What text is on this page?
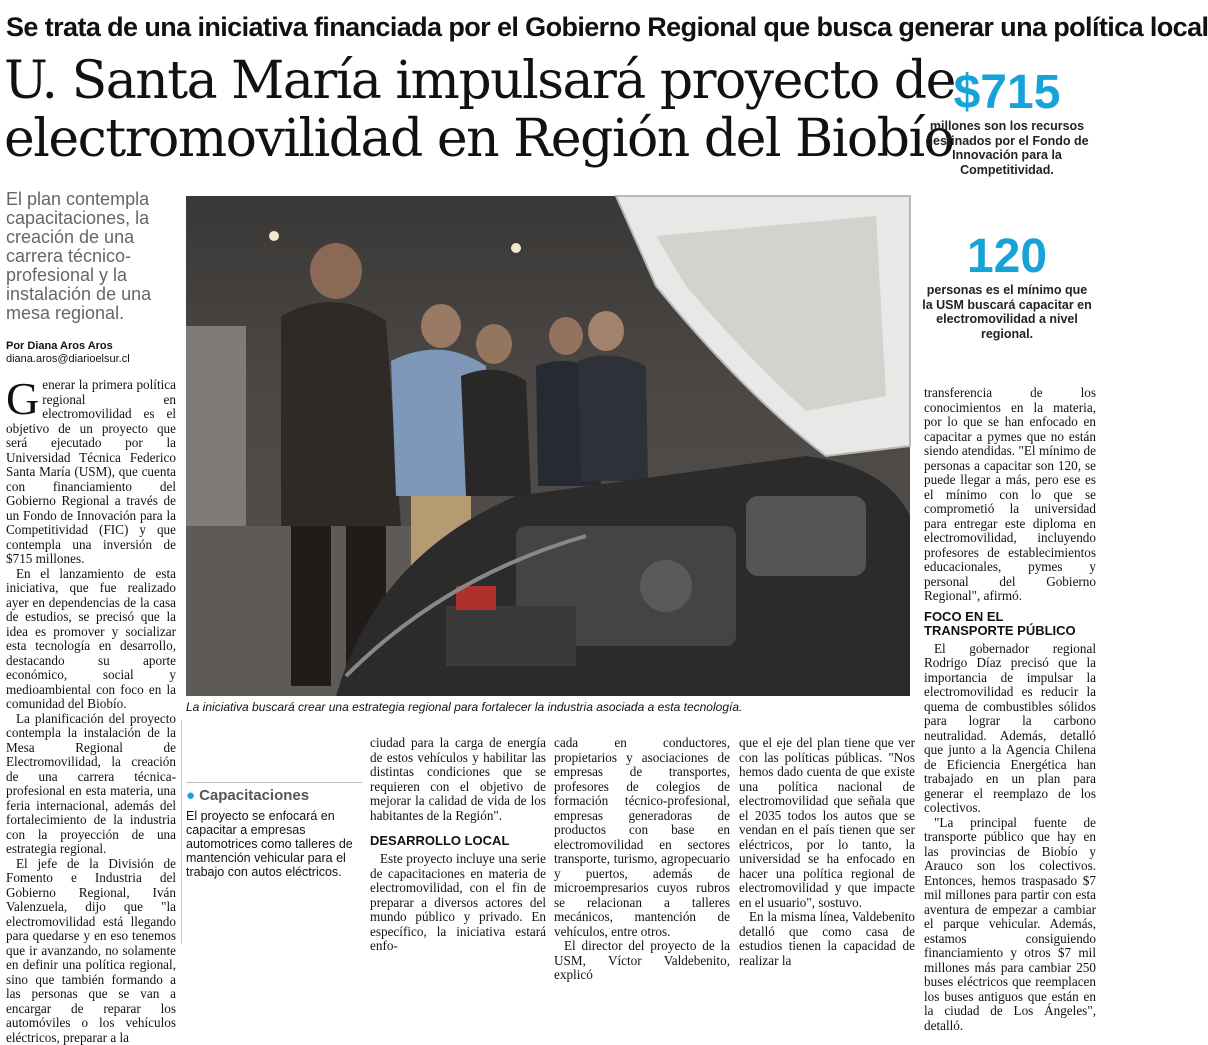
Se trata de una iniciativa financiada por el Gobierno Regional que busca generar una política local
U. Santa María impulsará proyecto de
electromovilidad en Región del Biobío
$715
millones son los recursos destinados por el Fondo de Innovación para la Competitividad.
120
personas es el mínimo que la USM buscará capacitar en electromovilidad a nivel regional.
El plan contempla capacitaciones, la creación de una carrera técnico-profesional y la instalación de una mesa regional.
Por Diana Aros Aros
diana.aros@diarioelsur.cl
La iniciativa buscará crear una estrategia regional para fortalecer la industria asociada a esta tecnología.

Generar la primera política regional en electromovilidad es el objetivo de un proyecto que será ejecutado por la Universidad Técnica Federico Santa María (USM), que cuenta con financiamiento del Gobierno Regional a través de un Fondo de Innovación para la Competitividad (FIC) y que contempla una inversión de $715 millones.

En el lanzamiento de esta iniciativa, que fue realizado ayer en dependencias de la casa de estudios, se precisó que la idea es promover y socializar esta tecnología en desarrollo, destacando su aporte económico, social y medioambiental con foco en la comunidad del Biobío.

La planificación del proyecto contempla la instalación de la Mesa Regional de Electromovilidad, la creación de una carrera técnica-profesional en esta materia, una feria internacional, además del fortalecimiento de la industria con la proyección de una estrategia regional.

El jefe de la División de Fomento e Industria del Gobierno Regional, Iván Valenzuela, dijo que "la electromovilidad está llegando para quedarse y en eso tenemos que ir avanzando, no solamente en definir una política regional, sino que también formando a las personas que se van a encargar de reparar los automóviles o los vehículos eléctricos, preparar a la

● Capacitaciones
El proyecto se enfocará en capacitar a empresas automotrices como talleres de mantención vehicular para el trabajo con autos eléctricos.

ciudad para la carga de energía de estos vehículos y habilitar las distintas condiciones que se requieren con el objetivo de mejorar la calidad de vida de los habitantes de la Región".

DESARROLLO LOCAL

Este proyecto incluye una serie de capacitaciones en materia de electromovilidad, con el fin de preparar a diversos actores del mundo público y privado. En específico, la iniciativa estará enfo-

cada en conductores, propietarios y asociaciones de empresas de transportes, profesores de colegios de formación técnico-profesional, empresas generadoras de productos con base en electromovilidad en sectores transporte, turismo, agropecuario y puertos, además de microempresarios cuyos rubros se relacionan a talleres mecánicos, mantención de vehículos, entre otros.

El director del proyecto de la USM, Víctor Valdebenito, explicó

que el eje del plan tiene que ver con las políticas públicas. "Nos hemos dado cuenta de que existe una política nacional de electromovilidad que señala que el 2035 todos los autos que se vendan en el país tienen que ser eléctricos, por lo tanto, la universidad se ha enfocado en hacer una política regional de electromovilidad y que impacte en el usuario", sostuvo.

En la misma línea, Valdebenito detalló que como casa de estudios tienen la capacidad de realizar la

transferencia de los conocimientos en la materia, por lo que se han enfocado en capacitar a pymes que no están siendo atendidas. "El mínimo de personas a capacitar son 120, se puede llegar a más, pero ese es el mínimo con lo que se comprometió la universidad para entregar este diploma en electromovilidad, incluyendo profesores de establecimientos educacionales, pymes y personal del Gobierno Regional", afirmó.

FOCO EN EL TRANSPORTE PÚBLICO

El gobernador regional Rodrigo Díaz precisó que la importancia de impulsar la electromovilidad es reducir la quema de combustibles sólidos para lograr la carbono neutralidad. Además, detalló que junto a la Agencia Chilena de Eficiencia Energética han trabajado en un plan para generar el reemplazo de los colectivos.

"La principal fuente de transporte público que hay en las provincias de Biobío y Arauco son los colectivos. Entonces, hemos traspasado $7 mil millones para partir con esta aventura de empezar a cambiar el parque vehicular. Además, estamos consiguiendo financiamiento y otros $7 mil millones más para cambiar 250 buses eléctricos que reemplacen los buses antiguos que están en la ciudad de Los Ángeles", detalló.
